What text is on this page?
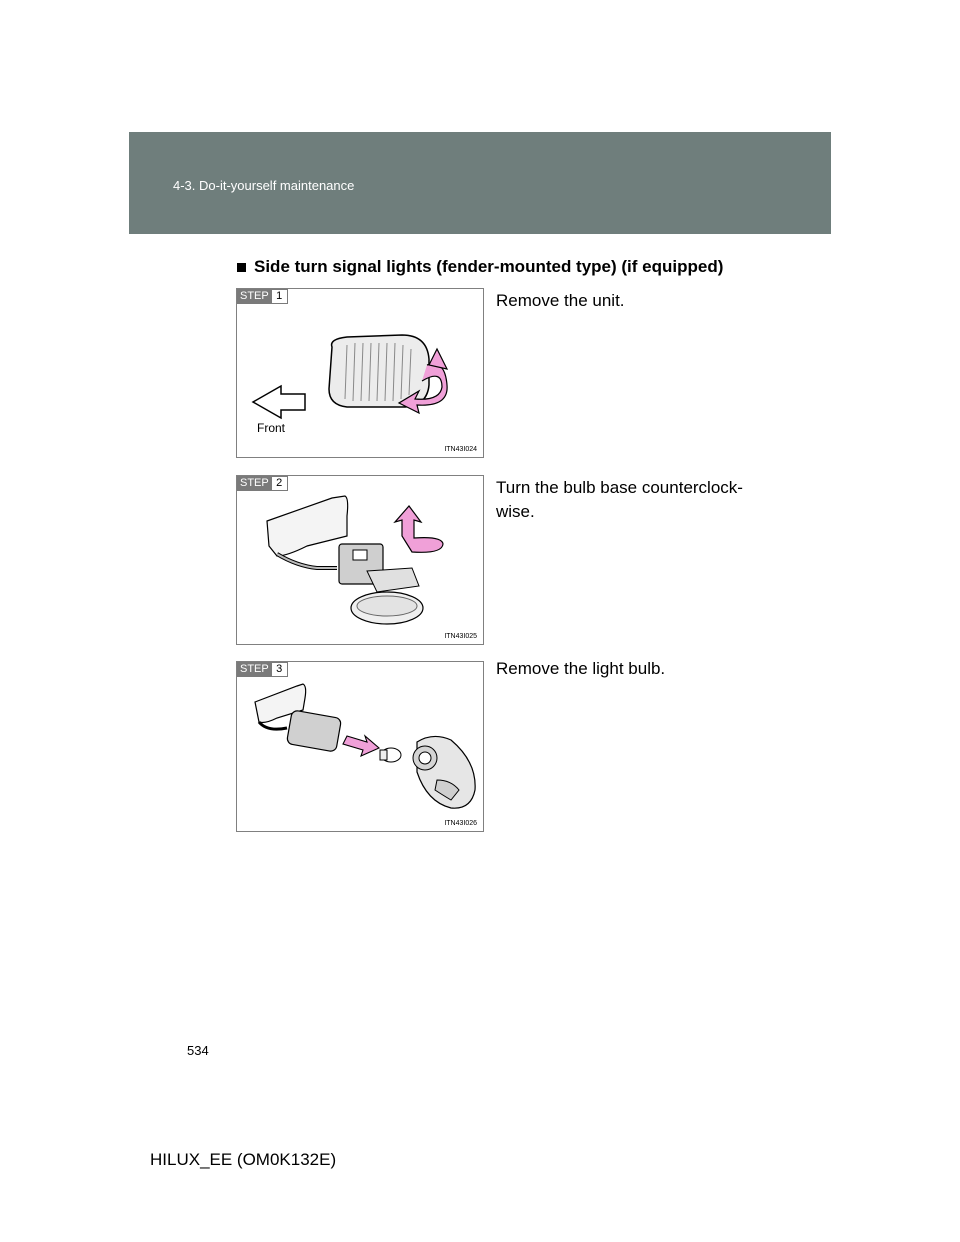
4-3. Do-it-yourself maintenance
Side turn signal lights (fender-mounted type) (if equipped)
STEP 1
Front
ITN43I024
Remove the unit.
STEP 2
ITN43I025
Turn the bulb base counterclock-wise.
STEP 3
ITN43I026
Remove the light bulb.
534
HILUX_EE (OM0K132E)
